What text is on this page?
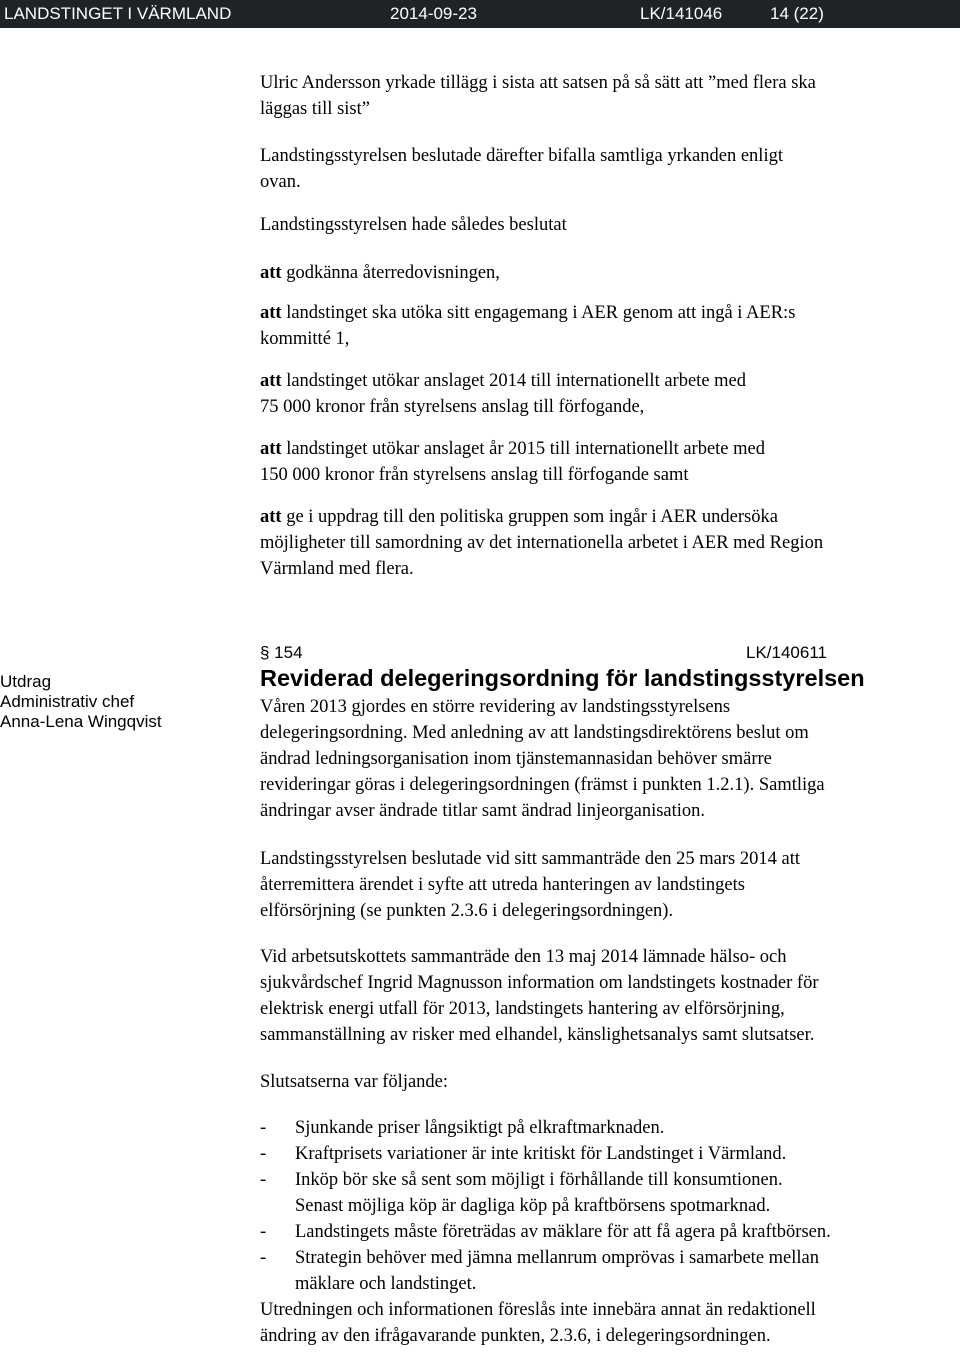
LANDSTINGET I VÄRMLAND	2014-09-23	LK/141046	14 (22)
Ulric Andersson yrkade tillägg i sista att satsen på så sätt att ”med flera ska
läggas till sist”
Landstingsstyrelsen beslutade därefter bifalla samtliga yrkanden enligt
ovan.
Landstingsstyrelsen hade således beslutat
att godkänna återredovisningen,
att landstinget ska utöka sitt engagemang i AER genom att ingå i AER:s
kommitté 1,
att landstinget utökar anslaget 2014 till internationellt arbete med
75 000 kronor från styrelsens anslag till förfogande,
att landstinget utökar anslaget år 2015 till internationellt arbete med
150 000 kronor från styrelsens anslag till förfogande samt
att ge i uppdrag till den politiska gruppen som ingår i AER undersöka
möjligheter till samordning av det internationella arbetet i AER med Region
Värmland med flera.
Utdrag
Administrativ chef
Anna-Lena Wingqvist
§ 154	LK/140611
Reviderad delegeringsordning för landstingsstyrelsen
Våren 2013 gjordes en större revidering av landstingsstyrelsens
delegeringsordning. Med anledning av att landstingsdirektörens beslut om
ändrad ledningsorganisation inom tjänstemannasidan behöver smärre
revideringar göras i delegeringsordningen (främst i punkten 1.2.1). Samtliga
ändringar avser ändrade titlar samt ändrad linjeorganisation.
Landstingsstyrelsen beslutade vid sitt sammanträde den 25 mars 2014 att
återremittera ärendet i syfte att utreda hanteringen av landstingets
elförsörjning (se punkten 2.3.6 i delegeringsordningen).
Vid arbetsutskottets sammanträde den 13 maj 2014 lämnade hälso- och
sjukvårdschef Ingrid Magnusson information om landstingets kostnader för
elektrisk energi utfall för 2013, landstingets hantering av elförsörjning,
sammanställning av risker med elhandel, känslighetsanalys samt slutsatser.
Slutsatserna var följande:
- Sjunkande priser långsiktigt på elkraftmarknaden.
- Kraftprisets variationer är inte kritiskt för Landstinget i Värmland.
- Inköp bör ske så sent som möjligt i förhållande till konsumtionen.
Senast möjliga köp är dagliga köp på kraftbörsens spotmarknad.
- Landstingets måste företrädas av mäklare för att få agera på kraftbörsen.
- Strategin behöver med jämna mellanrum omprövas i samarbete mellan
mäklare och landstinget.
Utredningen och informationen föreslås inte innebära annat än redaktionell
ändring av den ifrågavarande punkten, 2.3.6, i delegeringsordningen.
